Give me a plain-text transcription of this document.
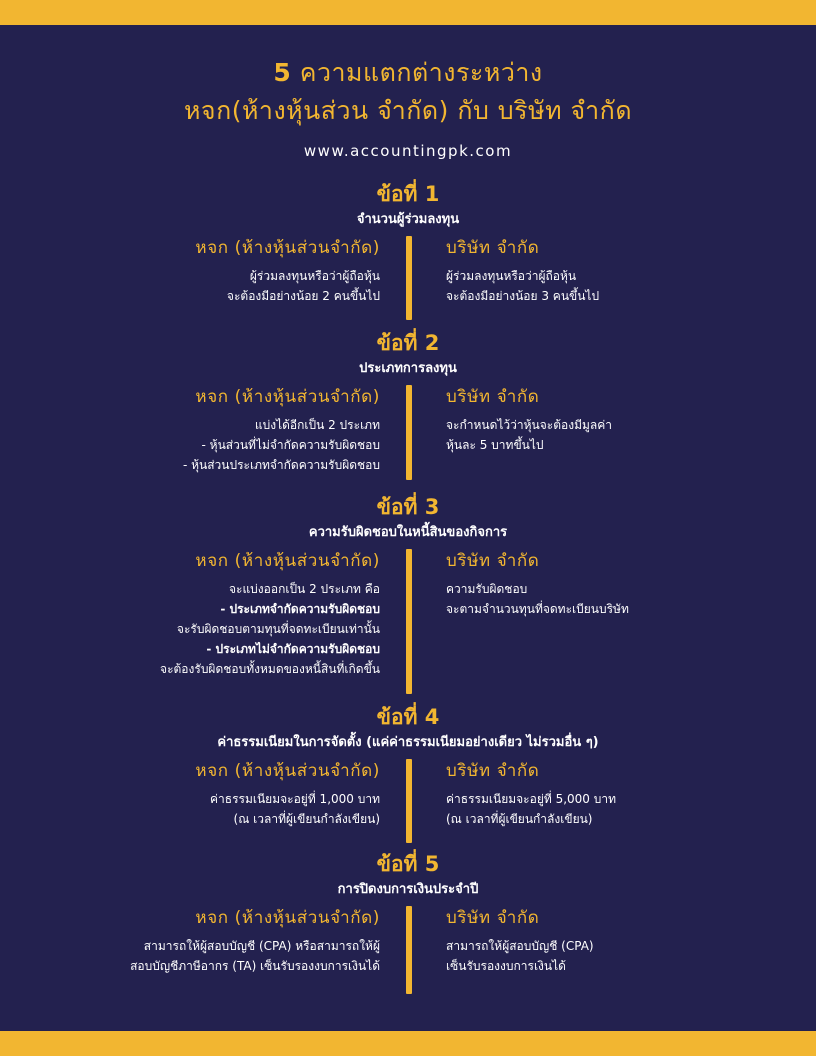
5 ความแตกต่างระหว่าง
หจก(ห้างหุ้นส่วน จำกัด) กับ บริษัท จำกัด
www.accountingpk.com
ข้อที่ 1
จำนวนผู้ร่วมลงทุน
หจก (ห้างหุ้นส่วนจำกัด)
ผู้ร่วมลงทุนหรือว่าผู้ถือหุ้น
จะต้องมีอย่างน้อย 2 คนขึ้นไป
บริษัท จำกัด
ผู้ร่วมลงทุนหรือว่าผู้ถือหุ้น
จะต้องมีอย่างน้อย 3 คนขึ้นไป
ข้อที่ 2
ประเภทการลงทุน
หจก (ห้างหุ้นส่วนจำกัด)
แบ่งได้อีกเป็น 2 ประเภท
- หุ้นส่วนที่ไม่จำกัดความรับผิดชอบ
- หุ้นส่วนประเภทจำกัดความรับผิดชอบ
บริษัท จำกัด
จะกำหนดไว้ว่าหุ้นจะต้องมีมูลค่า
หุ้นละ 5 บาทขึ้นไป
ข้อที่ 3
ความรับผิดชอบในหนี้สินของกิจการ
หจก (ห้างหุ้นส่วนจำกัด)
จะแบ่งออกเป็น 2 ประเภท คือ
- ประเภทจำกัดความรับผิดชอบ
จะรับผิดชอบตามทุนที่จดทะเบียนเท่านั้น
- ประเภทไม่จำกัดความรับผิดชอบ
จะต้องรับผิดชอบทั้งหมดของหนี้สินที่เกิดขึ้น
บริษัท จำกัด
ความรับผิดชอบ
จะตามจำนวนทุนที่จดทะเบียนบริษัท
ข้อที่ 4
ค่าธรรมเนียมในการจัดตั้ง (แค่ค่าธรรมเนียมอย่างเดียว ไม่รวมอื่น ๆ)
หจก (ห้างหุ้นส่วนจำกัด)
ค่าธรรมเนียมจะอยู่ที่ 1,000 บาท
(ณ เวลาที่ผู้เขียนกำลังเขียน)
บริษัท จำกัด
ค่าธรรมเนียมจะอยู่ที่ 5,000 บาท
(ณ เวลาที่ผู้เขียนกำลังเขียน)
ข้อที่ 5
การปิดงบการเงินประจำปี
หจก (ห้างหุ้นส่วนจำกัด)
สามารถให้ผู้สอบบัญชี (CPA) หรือสามารถให้ผู้
สอบบัญชีภาษีอากร (TA) เซ็นรับรองงบการเงินได้
บริษัท จำกัด
สามารถให้ผู้สอบบัญชี (CPA)
เซ็นรับรองงบการเงินได้
